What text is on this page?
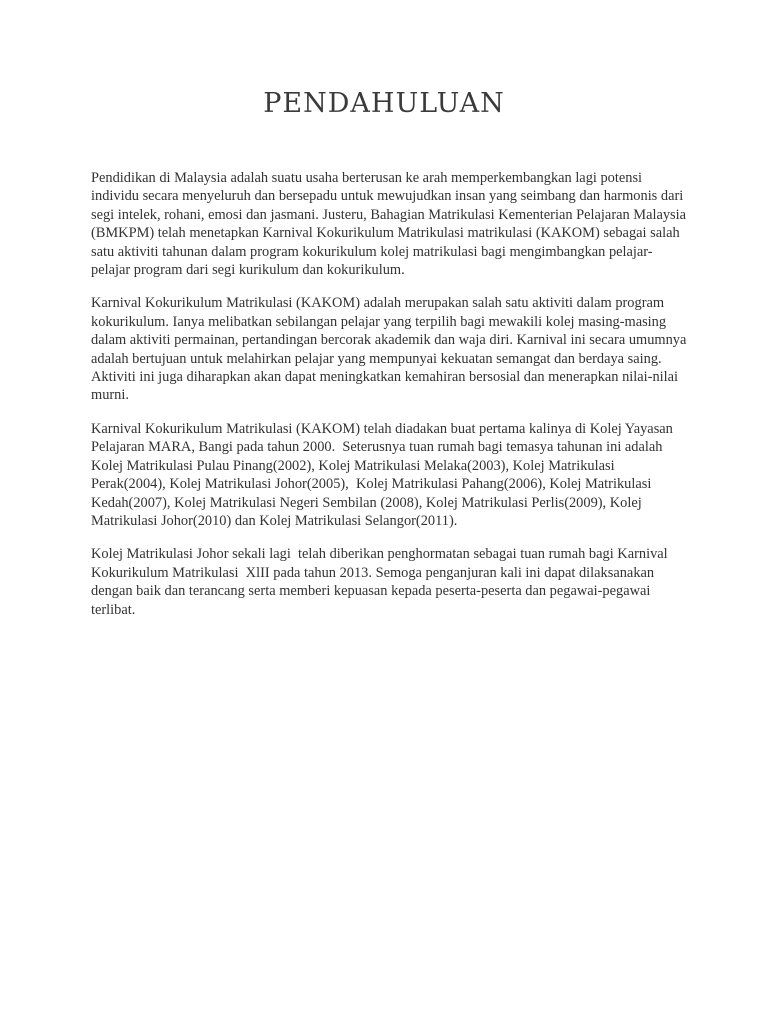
PENDAHULUAN

Pendidikan di Malaysia adalah suatu usaha berterusan ke arah memperkembangkan lagi potensi individu secara menyeluruh dan bersepadu untuk mewujudkan insan yang seimbang dan harmonis dari segi intelek, rohani, emosi dan jasmani. Justeru, Bahagian Matrikulasi Kementerian Pelajaran Malaysia (BMKPM) telah menetapkan Karnival Kokurikulum Matrikulasi matrikulasi (KAKOM) sebagai salah satu aktiviti tahunan dalam program kokurikulum kolej matrikulasi bagi mengimbangkan pelajar-pelajar program dari segi kurikulum dan kokurikulum.

Karnival Kokurikulum Matrikulasi (KAKOM) adalah merupakan salah satu aktiviti dalam program kokurikulum. Ianya melibatkan sebilangan pelajar yang terpilih bagi mewakili kolej masing-masing dalam aktiviti permainan, pertandingan bercorak akademik dan waja diri. Karnival ini secara umumnya adalah bertujuan untuk melahirkan pelajar yang mempunyai kekuatan semangat dan berdaya saing. Aktiviti ini juga diharapkan akan dapat meningkatkan kemahiran bersosial dan menerapkan nilai-nilai murni.

Karnival Kokurikulum Matrikulasi (KAKOM) telah diadakan buat pertama kalinya di Kolej Yayasan Pelajaran MARA, Bangi pada tahun 2000.  Seterusnya tuan rumah bagi temasya tahunan ini adalah Kolej Matrikulasi Pulau Pinang(2002), Kolej Matrikulasi Melaka(2003), Kolej Matrikulasi Perak(2004), Kolej Matrikulasi Johor(2005),  Kolej Matrikulasi Pahang(2006), Kolej Matrikulasi Kedah(2007), Kolej Matrikulasi Negeri Sembilan (2008), Kolej Matrikulasi Perlis(2009), Kolej Matrikulasi Johor(2010) dan Kolej Matrikulasi Selangor(2011).

Kolej Matrikulasi Johor sekali lagi  telah diberikan penghormatan sebagai tuan rumah bagi Karnival Kokurikulum Matrikulasi  XlII pada tahun 2013. Semoga penganjuran kali ini dapat dilaksanakan dengan baik dan terancang serta memberi kepuasan kepada peserta-peserta dan pegawai-pegawai terlibat.
